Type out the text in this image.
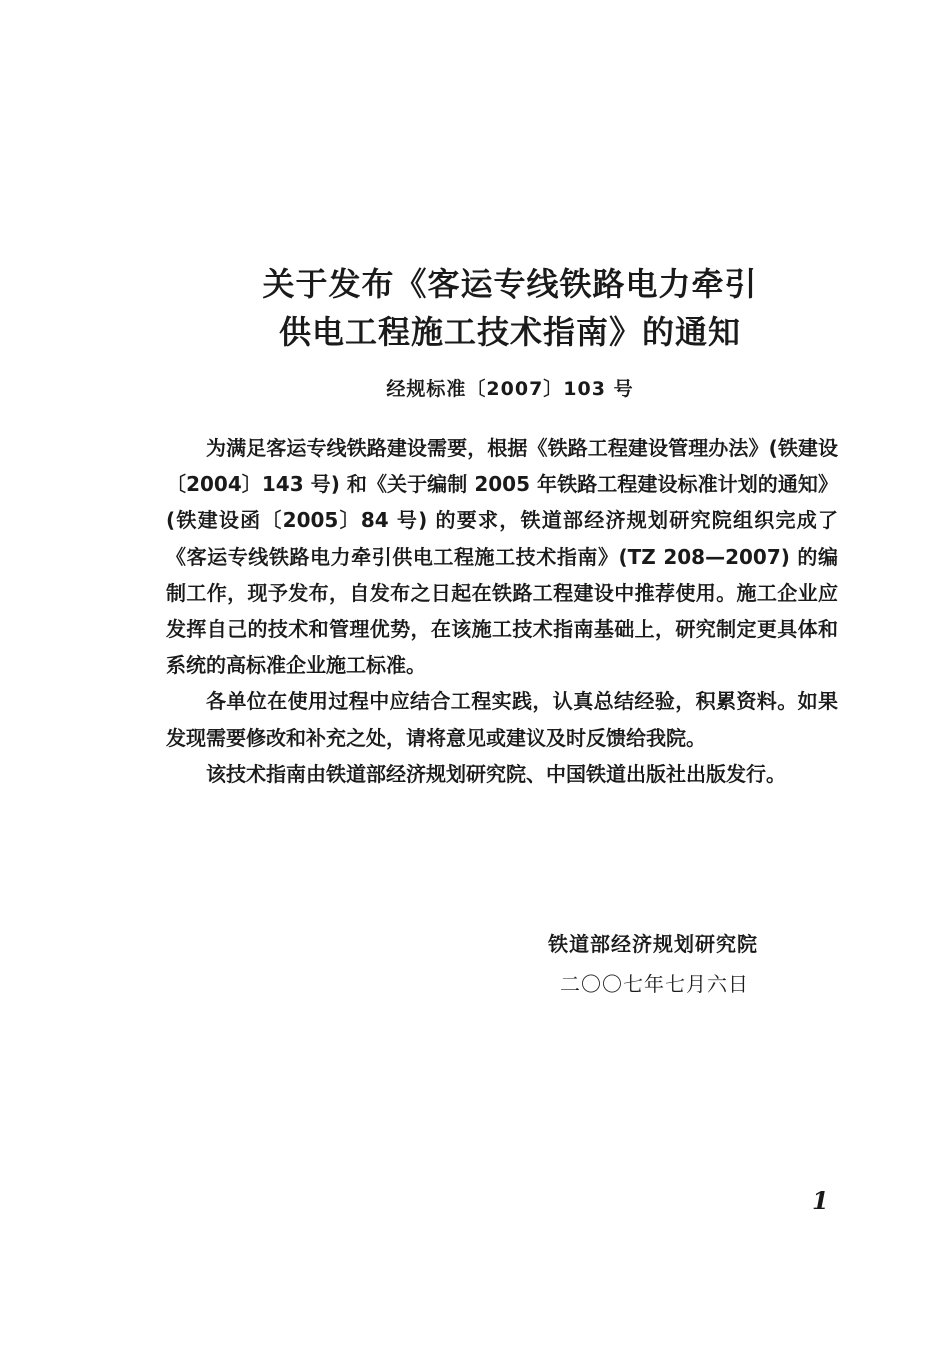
关于发布《客运专线铁路电力牵引
供电工程施工技术指南》的通知
经规标准〔2007〕103 号

为满足客运专线铁路建设需要，根据《铁路工程建设管理办法》(铁建设〔2004〕143 号) 和《关于编制 2005 年铁路工程建设标准计划的通知》(铁建设函〔2005〕84 号) 的要求，铁道部经济规划研究院组织完成了《客运专线铁路电力牵引供电工程施工技术指南》(TZ 208—2007) 的编制工作，现予发布，自发布之日起在铁路工程建设中推荐使用。施工企业应发挥自己的技术和管理优势，在该施工技术指南基础上，研究制定更具体和系统的高标准企业施工标准。

各单位在使用过程中应结合工程实践，认真总结经验，积累资料。如果发现需要修改和补充之处，请将意见或建议及时反馈给我院。

该技术指南由铁道部经济规划研究院、中国铁道出版社出版发行。

铁道部经济规划研究院
二〇〇七年七月六日
1
